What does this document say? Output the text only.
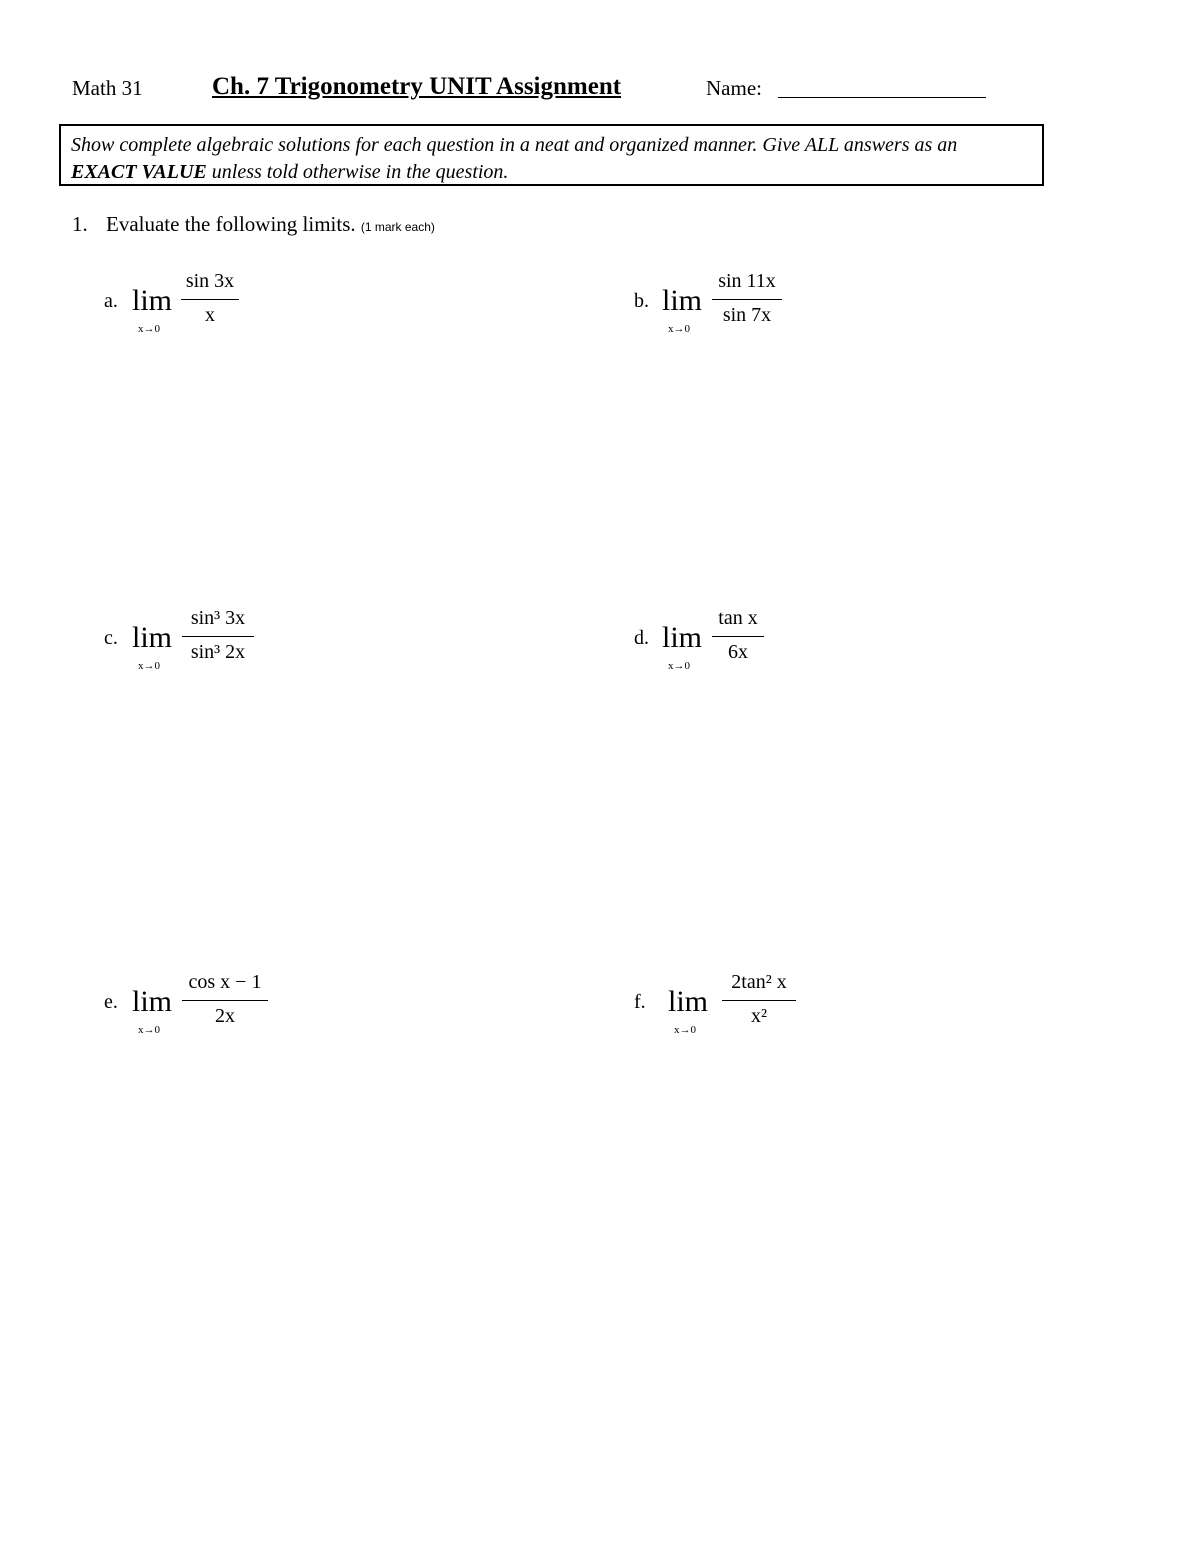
Math 31	Ch. 7 Trigonometry UNIT Assignment	Name:
Show complete algebraic solutions for each question in a neat and organized manner. Give ALL answers as an
EXACT VALUE unless told otherwise in the question.
1. Evaluate the following limits. (1 mark each)
a. lim
x→0
sin 3x
x
b. lim
x→0
sin 11x
sin 7x
c. lim
x→0
sin³ 3x
sin³ 2x
d. lim
x→0
tan x
6x
e. lim
x→0
cos x − 1
2x
f. lim
x→0
2tan² x
x²
